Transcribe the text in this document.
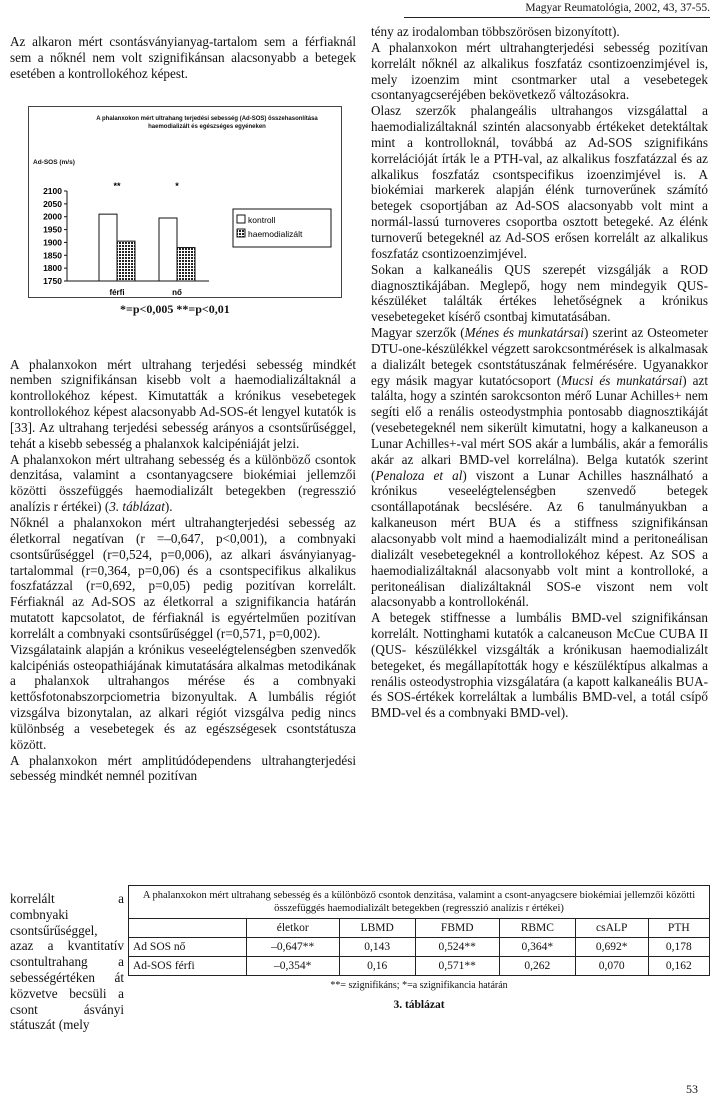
Magyar Reumatológia, 2002, 43, 37-55.

Az alkaron mért csontásványianyag-tartalom sem a férfiaknál sem a nőknél nem volt szignifikánsan alacsonyabb a betegek esetében a kontrollokéhoz képest.

A phalanxokon mért ultrahang terjedési sebesség mindkét nemben szignifikánsan kisebb volt a haemodializáltaknál a kontrollokéhoz képest. Kimutatták a krónikus vesebetegek kontrollokéhoz képest alacsonyabb Ad-SOS-ét lengyel kutatók is [33]. Az ultrahang terjedési sebesség arányos a csontsűrűséggel, tehát a kisebb sebesség a phalanxok kalcipéniáját jelzi.

A phalanxokon mért ultrahang sebesség és a különböző csontok denzitása, valamint a csontanyagcsere biokémiai jellemzői közötti összefüggés haemodializált betegekben (regresszió analízis r értékei) (3. táblázat).

Nőknél a phalanxokon mért ultrahangterjedési sebesség az életkorral negatívan (r =–0,647, p<0,001), a combnyaki csontsűrűséggel (r=0,524, p=0,006), az alkari ásványianyag-tartalommal (r=0,364, p=0,06) és a csontspecifikus alkalikus foszfatázzal (r=0,692, p=0,05) pedig pozitívan korrelált. Férfiaknál az Ad-SOS az életkorral a szignifikancia határán mutatott kapcsolatot, de férfiaknál is egyértelműen pozitívan korrelált a combnyaki csontsűrűséggel (r=0,571, p=0,002).

Vizsgálataink alapján a krónikus veseelégtelenségben szenvedők kalcipéniás osteopathiájának kimutatására alkalmas metodikának a phalanxok ultrahangos mérése és a combnyaki kettősfotonabszorpciometria bizonyultak. A lumbális régiót vizsgálva bizonytalan, az alkari régiót vizsgálva pedig nincs különbség a vesebetegek és az egészségesek csontstátusza között.

A phalanxokon mért amplitúdódependens ultrahangterjedési sebesség mindkét nemnél pozitívan

korrelált a combnyaki csontsűrűséggel, azaz a kvantitatív csontultrahang a sebességértéken át közvetve becsüli a csont ásványi státuszát (mely
A phalanxokon mért ultrahang terjedési sebesség (Ad-SOS) összehasonlítása haemodializált és egészséges egyéneken
Ad-SOS (m/s)
2100
2050
2000
1950
1900
1850
1800
1750
férfi
**
nő
*
kontroll
haemodializált
*=p<0,005 **=p<0,01

tény az irodalomban többszörösen bizonyított).

A phalanxokon mért ultrahangterjedési sebesség pozitívan korrelált nőknél az alkalikus foszfatáz csontizoenzimjével is, mely izoenzim mint csontmarker utal a vesebetegek csontanyagcseréjében bekövetkező változásokra.

Olasz szerzők phalangeális ultrahangos vizsgálattal a haemodializáltaknál szintén alacsonyabb értékeket detektáltak mint a kontrolloknál, továbbá az Ad-SOS szignifikáns korrelációját írták le a PTH-val, az alkalikus foszfatázzal és az alkalikus foszfatáz csontspecifikus izoenzimjével is. A biokémiai markerek alapján élénk turnoverűnek számító betegek csoportjában az Ad-SOS alacsonyabb volt mint a normál-lassú turnoveres csoportba osztott betegeké. Az élénk turnoverű betegeknél az Ad-SOS erősen korrelált az alkalikus foszfatáz csontizoenzimjével.

Sokan a kalkaneális QUS szerepét vizsgálják a ROD diagnosztikájában. Meglepő, hogy nem mindegyik QUS-készüléket találták értékes lehetőségnek a krónikus vesebetegeket kísérő csontbaj kimutatásában.

Magyar szerzők (Ménes és munkatársai) szerint az Osteometer DTU-one-készülékkel végzett sarokcsontmérések is alkalmasak a dializált betegek csontstátuszának felmérésére. Ugyanakkor egy másik magyar kutatócsoport (Mucsi és munkatársai) azt találta, hogy a szintén sarokcsonton mérő Lunar Achilles+ nem segíti elő a renális osteodystmphia pontosabb diagnosztikáját (vesebetegeknél nem sikerült kimutatni, hogy a kalkaneuson a Lunar Achilles+-val mért SOS akár a lumbális, akár a femorális akár az alkari BMD-vel korrelálna). Belga kutatók szerint (Penaloza et al) viszont a Lunar Achilles használható a krónikus veseelégtelenségben szenvedő betegek csontállapotának becslésére. Az 6 tanulmányukban a kalkaneuson mért BUA és a stiffness szignifikánsan alacsonyabb volt mind a haemodializált mind a peritoneálisan dializált vesebetegeknél a kontrollokéhoz képest. Az SOS a haemodializáltaknál alacsonyabb volt mint a kontrolloké, a peritoneálisan dializáltaknál SOS-e viszont nem volt alacsonyabb a kontrollokénál.

A betegek stiffnesse a lumbális BMD-vel szignifikánsan korrelált. Nottinghami kutatók a calcaneuson McCue CUBA II (QUS- készülékkel vizsgálták a krónikusan haemodializált betegeket, és megállapították hogy e készüléktípus alkalmas a renális osteodystrophia vizsgálatára (a kapott kalkaneális BUA- és SOS-értékek korreláltak a lumbális BMD-vel, a totál csípő BMD-vel és a combnyaki BMD-vel).

A phalanxokon mért ultrahang sebesség és a különböző csontok denzitása, valamint a csont-anyagcsere biokémiai jellemzői közötti összefüggés haemodializált betegekben (regresszió analízis r értékei)						
	életkor	LBMD	FBMD	RBMC	csALP	PTH
Ad SOS nő	–0,647**	0,143	0,524**	0,364*	0,692*	0,178
Ad-SOS férfi	–0,354*	0,16	0,571**	0,262	0,070	0,162
**= szignifikáns; *=a szignifikancia határán
3. táblázat
53
